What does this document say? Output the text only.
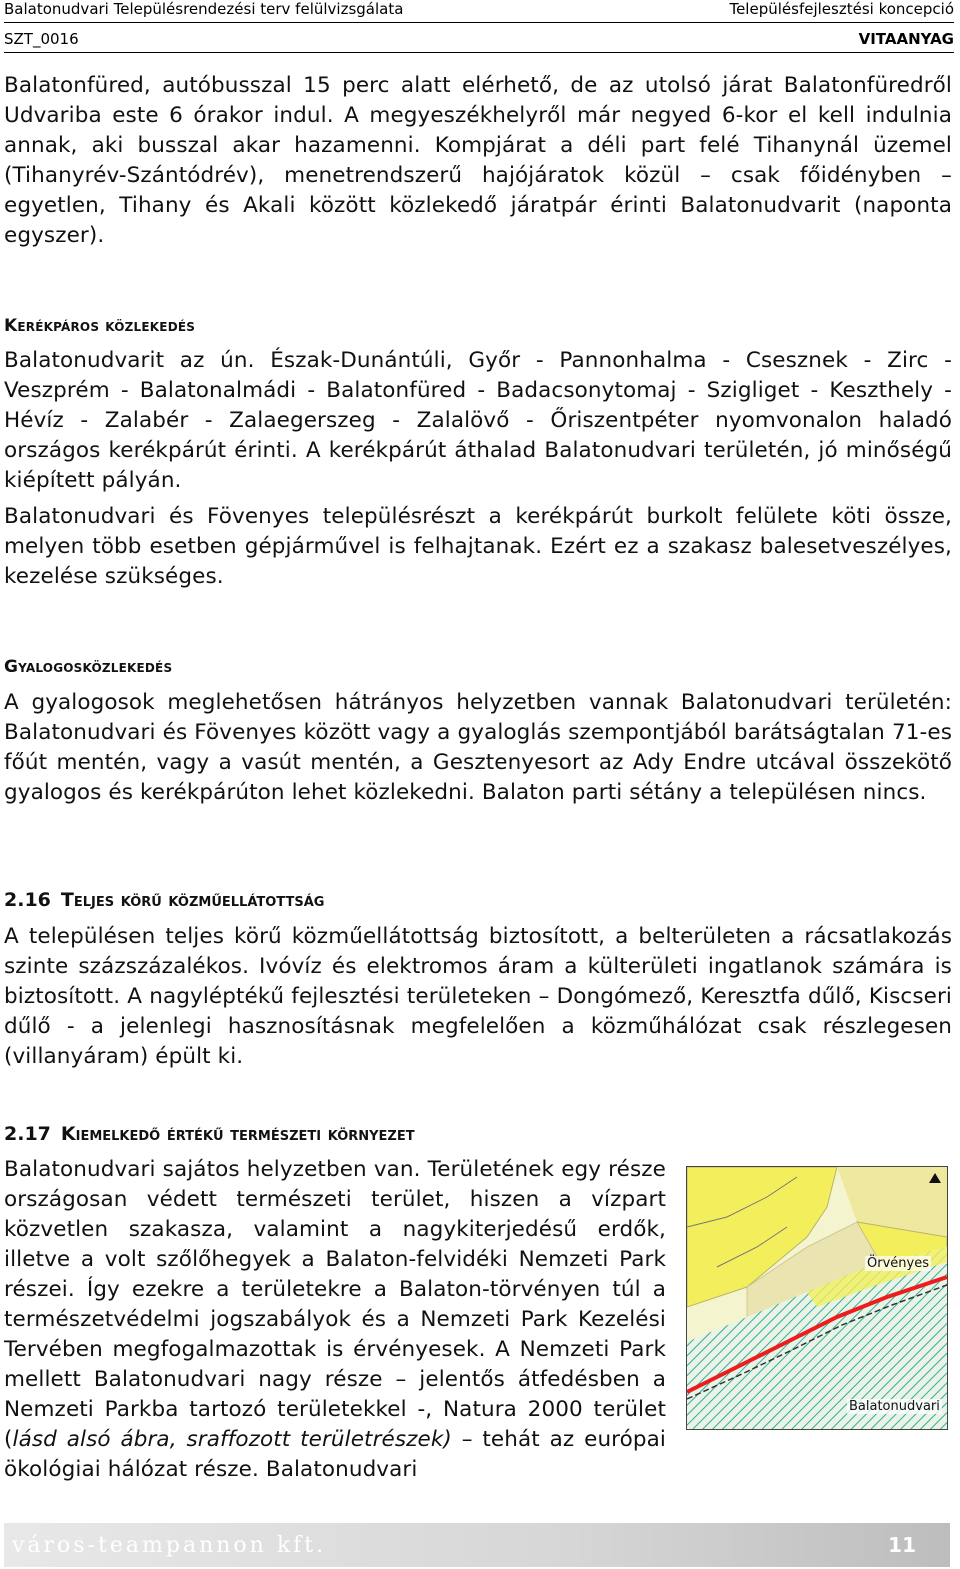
Balatonudvari Településrendezési terv felülvizsgálata	Településfejlesztési koncepció
SZT_0016	VITAANYAG

Balatonfüred, autóbusszal 15 perc alatt elérhető, de az utolsó járat Balatonfüredről Udvariba este 6 órakor indul. A megyeszékhelyről már negyed 6-kor el kell indulnia annak, aki busszal akar hazamenni. Kompjárat a déli part felé Tihanynál üzemel (Tihanyrév-Szántódrév), menetrendszerű hajójáratok közül – csak főidényben – egyetlen, Tihany és Akali között közlekedő járatpár érinti Balatonudvarit (naponta egyszer).

Kerékpáros közlekedés

Balatonudvarit az ún. Észak-Dunántúli, Győr - Pannonhalma - Csesznek - Zirc - Veszprém - Balatonalmádi - Balatonfüred - Badacsonytomaj - Szigliget - Keszthely - Hévíz - Zalabér - Zalaegerszeg - Zalalövő - Őriszentpéter nyomvonalon haladó országos kerékpárút érinti. A kerékpárút áthalad Balatonudvari területén, jó minőségű kiépített pályán.

Balatonudvari és Fövenyes településrészt a kerékpárút burkolt felülete köti össze, melyen több esetben gépjárművel is felhajtanak. Ezért ez a szakasz balesetveszélyes, kezelése szükséges.

Gyalogosközlekedés

A gyalogosok meglehetősen hátrányos helyzetben vannak Balatonudvari területén: Balatonudvari és Fövenyes között vagy a gyaloglás szempontjából barátságtalan 71-es főút mentén, vagy a vasút mentén, a Gesztenyesort az Ady Endre utcával összekötő gyalogos és kerékpárúton lehet közlekedni. Balaton parti sétány a településen nincs.

2.16 Teljes körű közműellátottság

A településen teljes körű közműellátottság biztosított, a belterületen a rácsatlakozás szinte százszázalékos. Ivóvíz és elektromos áram a külterületi ingatlanok számára is biztosított. A nagyléptékű fejlesztési területeken – Dongómező, Keresztfa dűlő, Kiscseri dűlő - a jelenlegi hasznosításnak megfelelően a közműhálózat csak részlegesen (villanyáram) épült ki.

2.17 Kiemelkedő értékű természeti környezet

Balatonudvari sajátos helyzetben van. Területének egy része országosan védett természeti terület, hiszen a vízpart közvetlen szakasza, valamint a nagykiterjedésű erdők, illetve a volt szőlőhegyek a Balaton-felvidéki Nemzeti Park részei. Így ezekre a területekre a Balaton-törvényen túl a természetvédelmi jogszabályok és a Nemzeti Park Kezelési Tervében megfogalmazottak is érvényesek. A Nemzeti Park mellett Balatonudvari nagy része – jelentős átfedésben a Nemzeti Parkba tartozó területekkel -, Natura 2000 terület (lásd alsó ábra, sraffozott területrészek) – tehát az európai ökológiai hálózat része. Balatonudvari

Örvényes
Balatonudvari
város-teampannon kft.	11
